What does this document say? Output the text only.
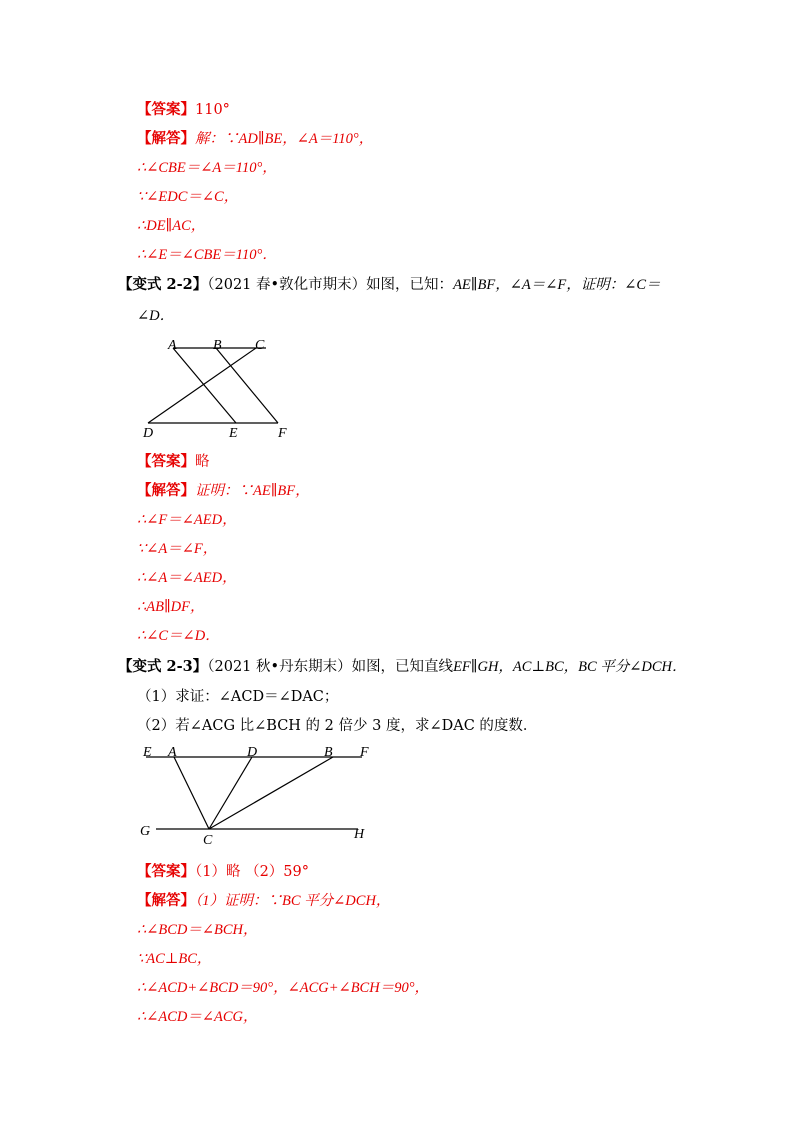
【答案】110°
【解答】解：∵AD∥BE，∠A＝110°，
∴∠CBE＝∠A＝110°，
∵∠EDC＝∠C，
∴DE∥AC，
∴∠E＝∠CBE＝110°．
【变式 2-2】（2021 春•敦化市期末）如图，已知：AE∥BF，∠A＝∠F，证明：∠C＝
∠D．
A	B C
D	E	F
【答案】略
【解答】证明：∵AE∥BF，
∴∠F＝∠AED，
∵∠A＝∠F，
∴∠A＝∠AED，
∴AB∥DF，
∴∠C＝∠D．
【变式 2-3】（2021 秋•丹东期末）如图，已知直线EF∥GH，AC⊥BC，BC 平分∠DCH．
（1）求证：∠ACD＝∠DAC；
（2）若∠ACG 比∠BCH 的 2 倍少 3 度，求∠DAC 的度数．
E A	D	B F
G
C	H
【答案】（1）略 （2）59°
【解答】（1）证明：∵BC 平分∠DCH，
∴∠BCD＝∠BCH，
∵AC⊥BC，
∴∠ACD+∠BCD＝90°，∠ACG+∠BCH＝90°，
∴∠ACD＝∠ACG，
